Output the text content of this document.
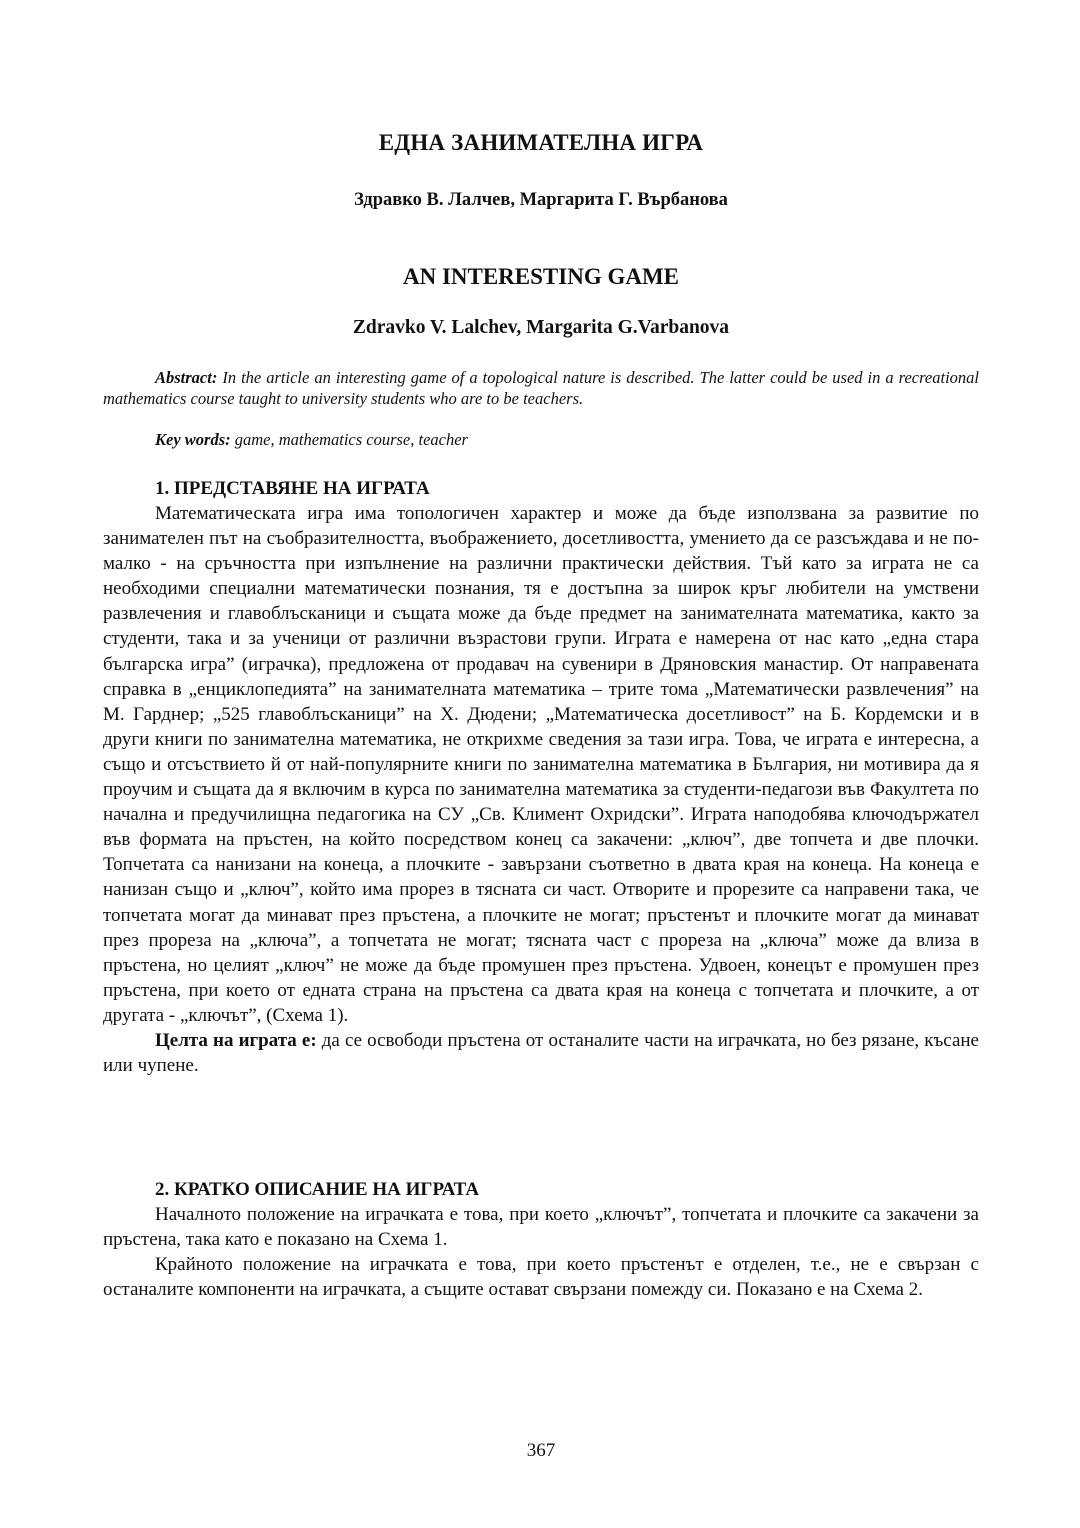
ЕДНА ЗАНИМАТЕЛНА ИГРА
Здравко В. Лалчев, Маргарита Г. Върбанова
AN INTERESTING GAME
Zdravko V. Lalchev, Margarita G.Varbanova
Abstract: In the article an interesting game of a topological nature is described. The latter could be used in a recreational mathematics course taught to university students who are to be teachers.
Key words: game, mathematics course, teacher
1. ПРЕДСТАВЯНЕ НА ИГРАТА

Математическата игра има топологичен характер и може да бъде използвана за развитие по занимателен път на съобразителността, въображението, досетливостта, умението да се разсъждава и не по-малко - на сръчността при изпълнение на различни практически действия. Тъй като за играта не са необходими специални математически познания, тя е достъпна за широк кръг любители на умствени развлечения и главоблъсканици и същата може да бъде предмет на занимателната математика, както за студенти, така и за ученици от различни възрастови групи. Играта е намерена от нас като „една стара българска игра” (играчка), предложена от продавач на сувенири в Дряновския манастир. От направената справка в „енциклопедията” на занимателната математика – трите тома „Математически развлечения” на М. Гарднер; „525 главоблъсканици” на Х. Дюдени; „Математическа досетливост” на Б. Кордемски и в други книги по занимателна математика, не открихме сведения за тази игра. Това, че играта е интересна, а също и отсъствието й от най-популярните книги по занимателна математика в България, ни мотивира да я проучим и същата да я включим в курса по занимателна математика за студенти-педагози във Факултета по начална и предучилищна педагогика на СУ „Св. Климент Охридски”. Играта наподобява ключодържател във формата на пръстен, на който посредством конец са закачени: „ключ”, две топчета и две плочки. Топчетата са нанизани на конеца, а плочките - завързани съответно в двата края на конеца. На конеца е нанизан също и „ключ”, който има прорез в тясната си част. Отворите и прорезите са направени така, че топчетата могат да минават през пръстена, а плочките не могат; пръстенът и плочките могат да минават през прореза на „ключа”, а топчетата не могат; тясната част с прореза на „ключа” може да влиза в пръстена, но целият „ключ” не може да бъде промушен през пръстена. Удвоен, конецът е промушен през пръстена, при което от едната страна на пръстена са двата края на конеца с топчетата и плочките, а от другата - „ключът”, (Схема 1).

Целта на играта е: да се освободи пръстена от останалите части на играчката, но без рязане, късане или чупене.

2. КРАТКО ОПИСАНИЕ НА ИГРАТА

Началното положение на играчката е това, при което „ключът”, топчетата и плочките са закачени за пръстена, така като е показано на Схема 1.

Крайното положение на играчката е това, при което пръстенът е отделен, т.е., не е свързан с останалите компоненти на играчката, а същите остават свързани помежду си. Показано е на Схема 2.

367
